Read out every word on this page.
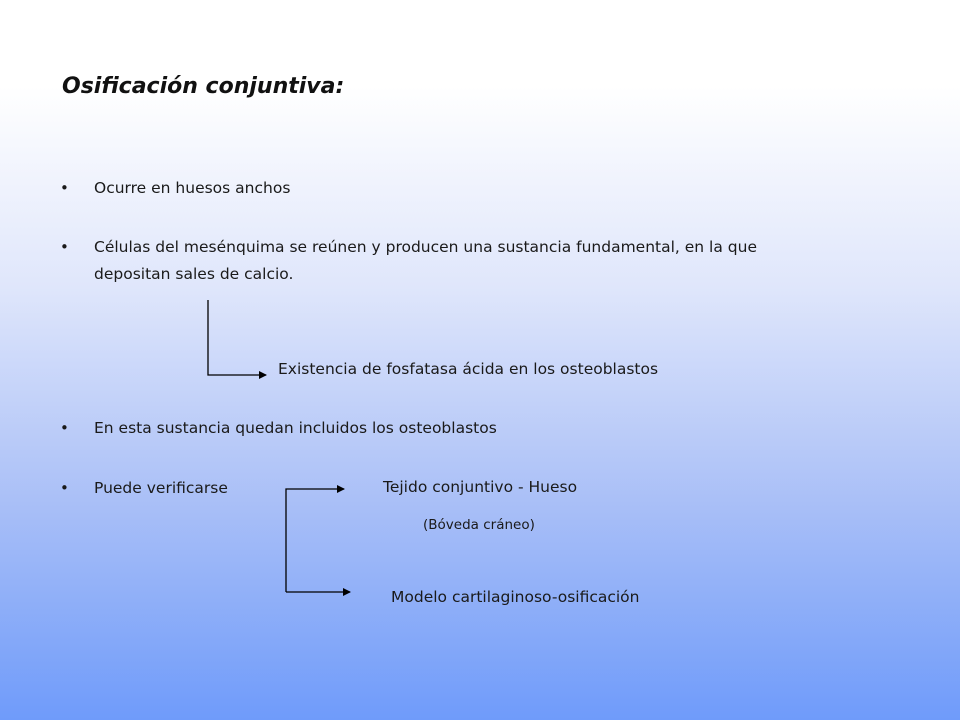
Osificación conjuntiva:
• Ocurre en huesos anchos
• Células del mesénquima se reúnen y producen una sustancia fundamental, en la que
depositan sales de calcio.
Existencia de fosfatasa ácida en los osteoblastos
• En esta sustancia quedan incluidos los osteoblastos
• Puede verificarse	Tejido conjuntivo - Hueso
(Bóveda cráneo)
Modelo cartilaginoso-osificación
